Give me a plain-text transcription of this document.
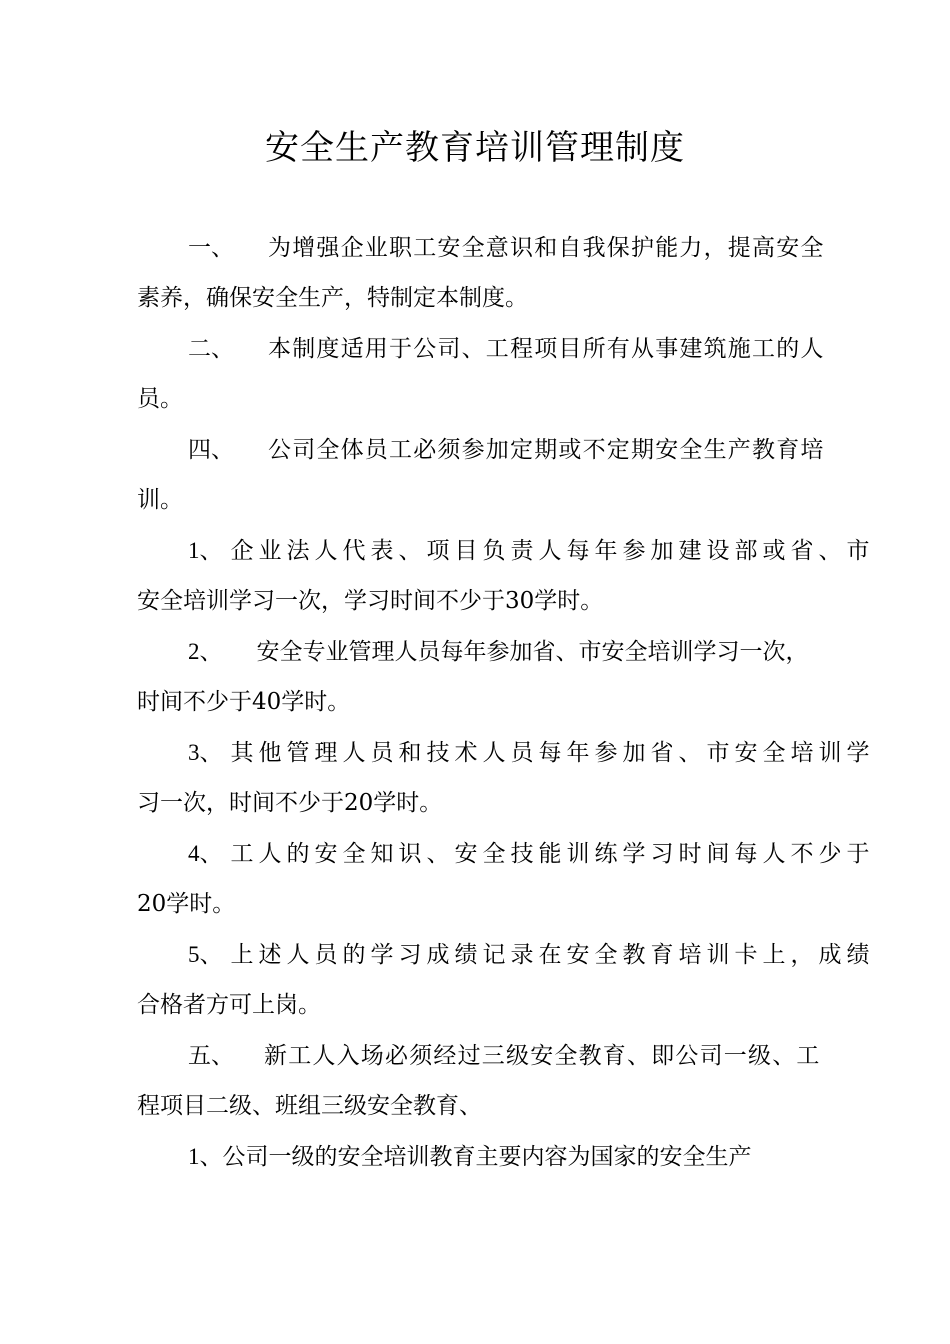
安全生产教育培训管理制度
一、 为增强企业职工安全意识和自我保护能力，提高安全
素养，确保安全生产，特制定本制度。
二、 本制度适用于公司、工程项目所有从事建筑施工的人
员。
四、 公司全体员工必须参加定期或不定期安全生产教育培
训。
1、 企业法人代表、项目负责人每年参加建设部或省、市
安全培训学习一次，学习时间不少于30学时。
2、 安全专业管理人员每年参加省、市安全培训学习一次，
时间不少于40学时。
3、 其他管理人员和技术人员每年参加省、市安全培训学
习一次，时间不少于20学时。
4、 工人的安全知识、安全技能训练学习时间每人不少于
20学时。
5、 上述人员的学习成绩记录在安全教育培训卡上，成绩
合格者方可上岗。
五、 新工人入场必须经过三级安全教育、即公司一级、工
程项目二级、班组三级安全教育、
1、公司一级的安全培训教育主要内容为国家的安全生产
